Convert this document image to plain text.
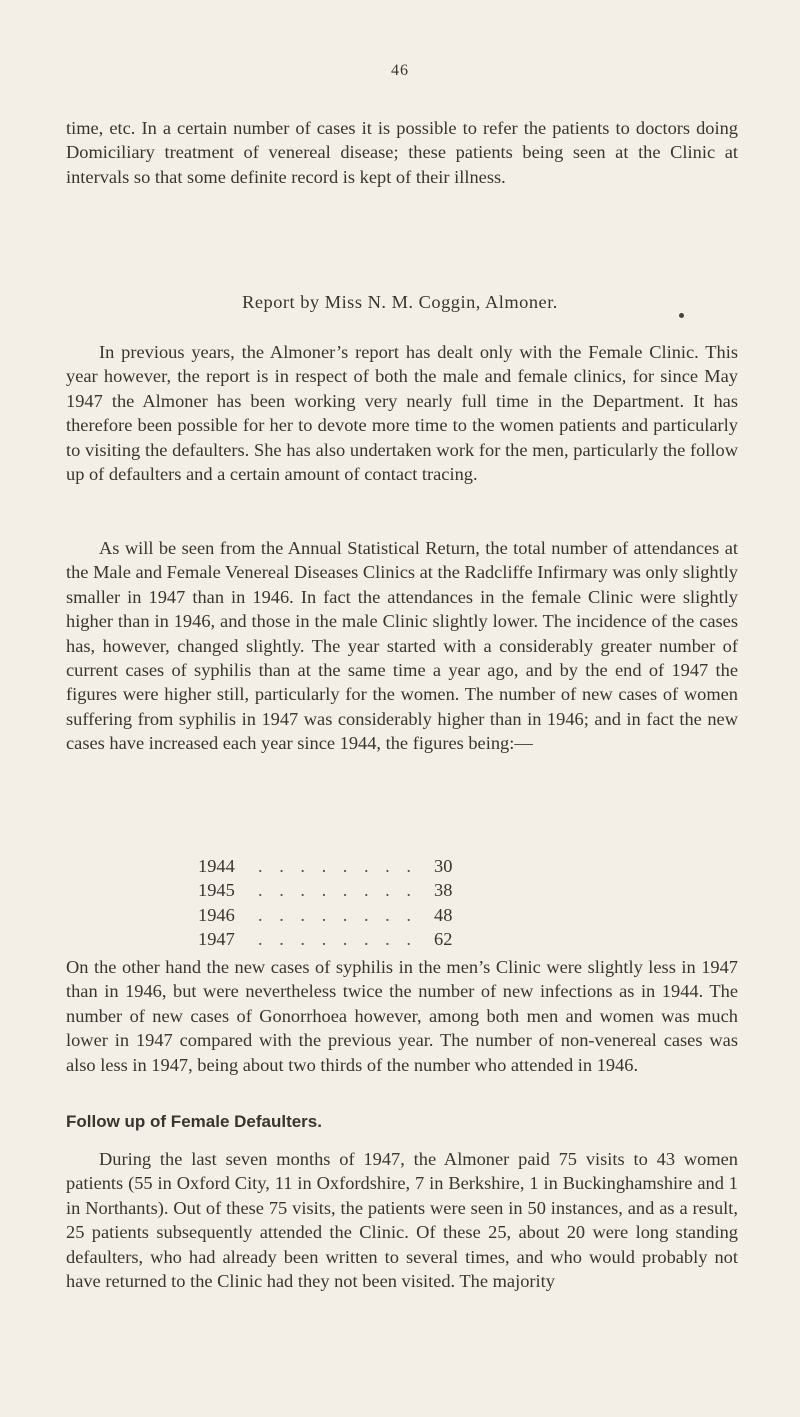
46

time, etc. In a certain number of cases it is possible to refer the patients to doctors doing Domiciliary treatment of venereal disease; these patients being seen at the Clinic at intervals so that some definite record is kept of their illness.

Report by Miss N. M. Coggin, Almoner.

In previous years, the Almoner’s report has dealt only with the Female Clinic. This year however, the report is in respect of both the male and female clinics, for since May 1947 the Almoner has been working very nearly full time in the Department. It has therefore been possible for her to devote more time to the women patients and particularly to visiting the defaulters. She has also undertaken work for the men, particularly the follow up of defaulters and a certain amount of contact tracing.

As will be seen from the Annual Statistical Return, the total number of attendances at the Male and Female Venereal Diseases Clinics at the Radcliffe Infirmary was only slightly smaller in 1947 than in 1946. In fact the attendances in the female Clinic were slightly higher than in 1946, and those in the male Clinic slightly lower. The incidence of the cases has, however, changed slightly. The year started with a considerably greater number of current cases of syphilis than at the same time a year ago, and by the end of 1947 the figures were higher still, particularly for the women. The number of new cases of women suffering from syphilis in 1947 was considerably higher than in 1946; and in fact the new cases have increased each year since 1944, the figures being:—

1944 . . . . . . . . 30
1945 . . . . . . . . 38
1946 . . . . . . . . 48
1947 . . . . . . . . 62

On the other hand the new cases of syphilis in the men’s Clinic were slightly less in 1947 than in 1946, but were nevertheless twice the number of new infections as in 1944. The number of new cases of Gonorrhoea however, among both men and women was much lower in 1947 compared with the previous year. The number of non-venereal cases was also less in 1947, being about two thirds of the number who attended in 1946.

Follow up of Female Defaulters.

During the last seven months of 1947, the Almoner paid 75 visits to 43 women patients (55 in Oxford City, 11 in Oxfordshire, 7 in Berkshire, 1 in Buckinghamshire and 1 in Northants). Out of these 75 visits, the patients were seen in 50 instances, and as a result, 25 patients subsequently attended the Clinic. Of these 25, about 20 were long standing defaulters, who had already been written to several times, and who would probably not have returned to the Clinic had they not been visited. The majority
